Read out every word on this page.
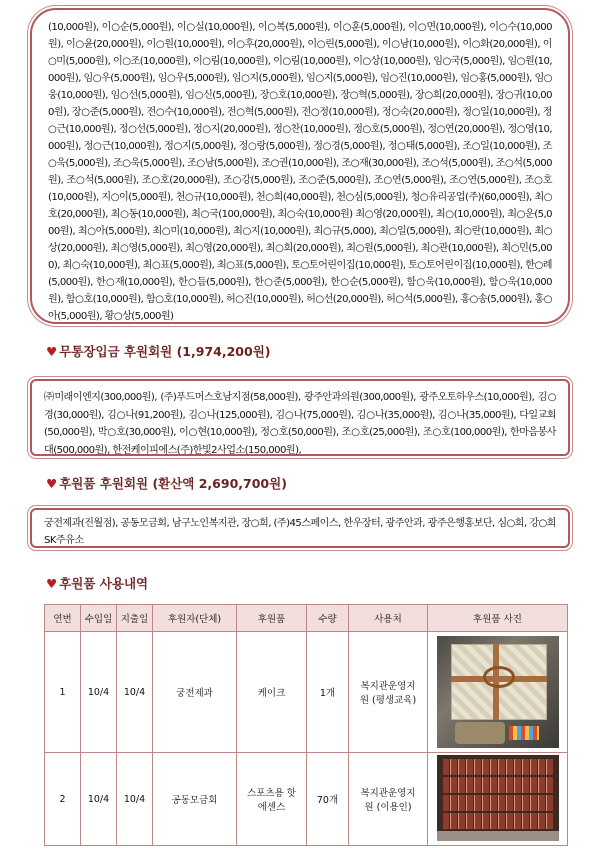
(10,000원), 이○순(5,000원), 이○실(10,000원), 이○복(5,000원), 이○훈(5,000원), 이○면(10,000원), 이○수(10,000원), 이○윤(20,000원), 이○원(10,000원), 이○후(20,000원), 이○린(5,000원), 이○남(10,000원), 이○화(20,000원), 이○미(5,000원), 이○조(10,000원), 이○림(10,000원), 이○림(10,000원), 이○상(10,000원), 임○국(5,000원), 임○원(10,000원), 임○우(5,000원), 임○우(5,000원), 임○지(5,000원), 임○지(5,000원), 임○진(10,000원), 임○홍(5,000원), 임○웅(10,000원), 임○선(5,000원), 임○신(5,000원), 장○호(10,000원), 장○혁(5,000원), 장○희(20,000원), 장○귀(10,000원), 장○준(5,000원), 전○수(10,000원), 전○혁(5,000원), 전○정(10,000원), 정○숙(20,000원), 정○일(10,000원), 정○근(10,000원), 정○선(5,000원), 정○지(20,000원), 정○찬(10,000원), 정○호(5,000원), 정○연(20,000원), 정○영(10,000원), 정○근(10,000원), 정○지(5,000원), 정○랑(5,000원), 정○경(5,000원), 정○태(5,000원), 조○일(10,000원), 조○욱(5,000원), 조○욱(5,000원), 조○남(5,000원), 조○권(10,000원), 조○재(30,000원), 조○석(5,000원), 조○석(5,000원), 조○석(5,000원), 조○호(20,000원), 조○강(5,000원), 조○준(5,000원), 조○연(5,000원), 조○연(5,000원), 조○호(10,000원), 지○이(5,000원), 천○규(10,000원), 천○희(40,000원), 천○심(5,000원), 청○유리공업(주)(60,000원), 최○호(20,000원), 최○동(10,000원), 최○국(100,000원), 최○숙(10,000원) 최○영(20,000원), 최○(10,000원), 최○운(5,000원), 최○아(5,000원), 최○미(10,000원), 최○지(10,000원), 최○규(5,000), 최○일(5,000원), 최○란(10,000원), 최○상(20,000원), 최○영(5,000원), 최○영(20,000원), 최○희(20,000원), 최○원(5,000원), 최○관(10,000원), 최○민(5,000), 최○숙(10,000원), 최○표(5,000원), 최○표(5,000원), 토○토어린이집(10,000원), 토○토어린이집(10,000원), 한○례(5,000원), 한○재(10,000원), 한○듬(5,000원), 한○준(5,000원), 한○순(5,000원), 함○욱(10,000원), 함○욱(10,000원), 함○호(10,000원), 함○호(10,000원), 허○진(10,000원), 허○선(20,000원), 허○석(5,000원), 홍○송(5,000원), 홍○아(5,000원), 황○상(5,000원)
♥ 무통장입금 후원회원 (1,974,200원)
㈜미래이엔지(300,000원), (주)푸드머스호남지점(58,000원), 광주안과의원(300,000원), 광주오토하우스(10,000원), 김○경(30,000원), 김○나(91,200원), 김○나(125,000원), 김○나(75,000원), 김○나(35,000원), 김○나(35,000원), 다일교회(50,000원), 박○호(30,000원), 이○현(10,000원), 정○호(50,000원), 조○호(25,000원), 조○호(100,000원), 한마음봉사대(500,000원), 한전케이피에스(주)한빛2사업소(150,000원),
♥ 후원품 후원회원 (환산액 2,690,700원)
궁전제과(진월점), 공동모금회, 남구노인복지관, 장○희, (주)45스페이스, 한우장터, 광주안과, 광주은행홍보단, 심○희, 강○희 SK주유소
♥ 후원품 사용내역
연번	수입일	지출일	후원자(단체)	후원품	수량	사용처	후원품 사진
1	10/4	10/4	궁전제과	케이크	1개	복지관운영지원 (평생교육)	

2	10/4	10/4	공동모금회	스포츠용 핫에센스	70개	복지관운영지원 (이용인)	
